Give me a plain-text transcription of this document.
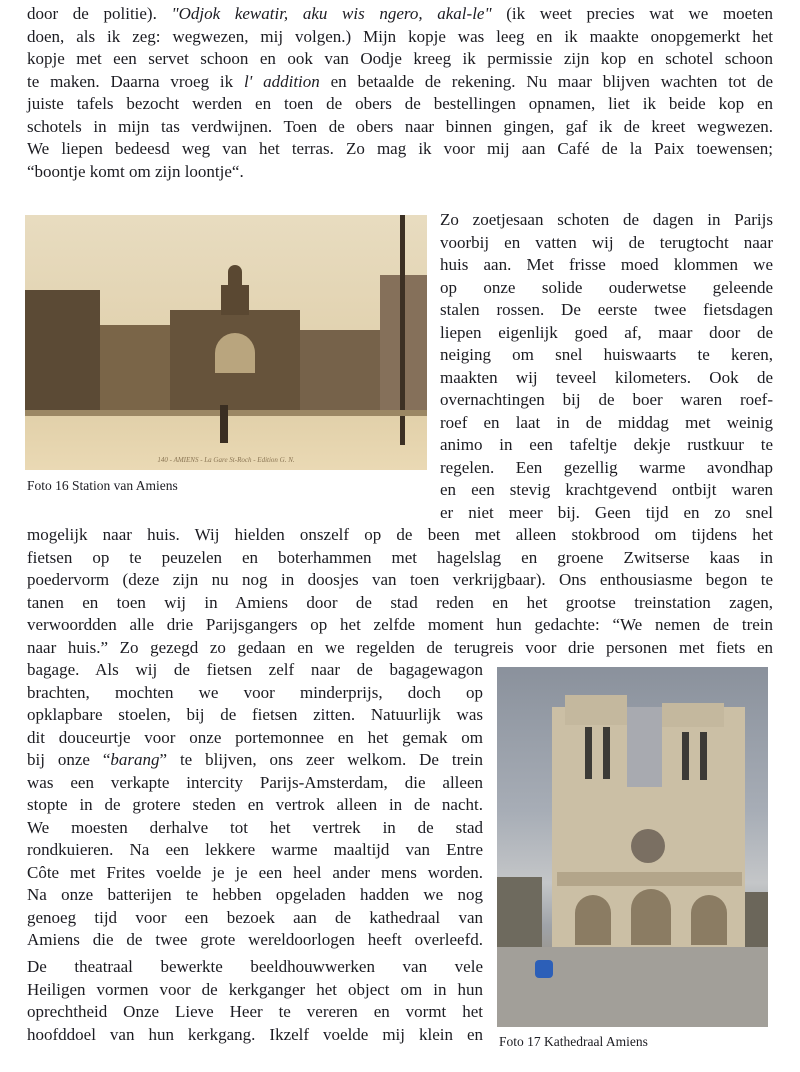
door de politie). "Odjok kewatir, aku wis ngero, akal-le" (ik weet precies wat we moeten
doen, als ik zeg: wegwezen, mij volgen.) Mijn kopje was leeg en ik maakte onopgemerkt het
kopje met een servet schoon en ook van Oodje kreeg ik permissie zijn kop en schotel schoon
te maken. Daarna vroeg ik l' addition en betaalde de rekening. Nu maar blijven wachten tot de
juiste tafels bezocht werden en toen de obers de bestellingen opnamen, liet ik beide kop en
schotels in mijn tas verdwijnen. Toen de obers naar binnen gingen, gaf ik de kreet wegwezen.
We liepen bedeesd weg van het terras. Zo mag ik voor mij aan Café de la Paix toewensen;
“boontje komt om zijn loontje“.
Zo zoetjesaan schoten de dagen in Parijs
voorbij en vatten wij de terugtocht naar
huis aan. Met frisse moed klommen we
op onze solide ouderwetse geleende
stalen rossen. De eerste twee fietsdagen
liepen eigenlijk goed af, maar door de
neiging om snel huiswaarts te keren,
maakten wij teveel kilometers. Ook de
overnachtingen bij de boer waren roef-
roef en laat in de middag met weinig
animo in een tafeltje dekje rustkuur te
regelen. Een gezellig warme avondhap
en een stevig krachtgevend ontbijt waren
er niet meer bij. Geen tijd en zo snel
mogelijk naar huis. Wij hielden onszelf op de been met alleen stokbrood om tijdens het
fietsen op te peuzelen en boterhammen met hagelslag en groene Zwitserse kaas in
poedervorm (deze zijn nu nog in doosjes van toen verkrijgbaar). Ons enthousiasme begon te
tanen en toen wij in Amiens door de stad reden en het grootse treinstation zagen,
verwoordden alle drie Parijsgangers op het zelfde moment hun gedachte: “We nemen de trein
naar huis.” Zo gezegd zo gedaan en we regelden de terugreis voor drie personen met fiets en
bagage. Als wij de fietsen zelf naar de bagagewagon
brachten, mochten we voor minderprijs, doch op
opklapbare stoelen, bij de fietsen zitten. Natuurlijk was
dit douceurtje voor onze portemonnee en het gemak om
bij onze “barang” te blijven, ons zeer welkom. De trein
was een verkapte intercity Parijs-Amsterdam, die alleen
stopte in de grotere steden en vertrok alleen in de nacht.
We moesten derhalve tot het vertrek in de stad
rondkuieren. Na een lekkere warme maaltijd van Entre
Côte met Frites voelde je je een heel ander mens worden.
Na onze batterijen te hebben opgeladen hadden we nog
genoeg tijd voor een bezoek aan de kathedraal van
Amiens die de twee grote wereldoorlogen heeft overleefd.
De theatraal bewerkte beeldhouwwerken van vele
Heiligen vormen voor de kerkganger het object om in hun
oprechtheid Onze Lieve Heer te vereren en vormt het
hoofddoel van hun kerkgang. Ikzelf voelde mij klein en
140 - AMIENS - La Gare St-Roch - Edition G. N.
Foto 16 Station van Amiens
Foto 17 Kathedraal Amiens
